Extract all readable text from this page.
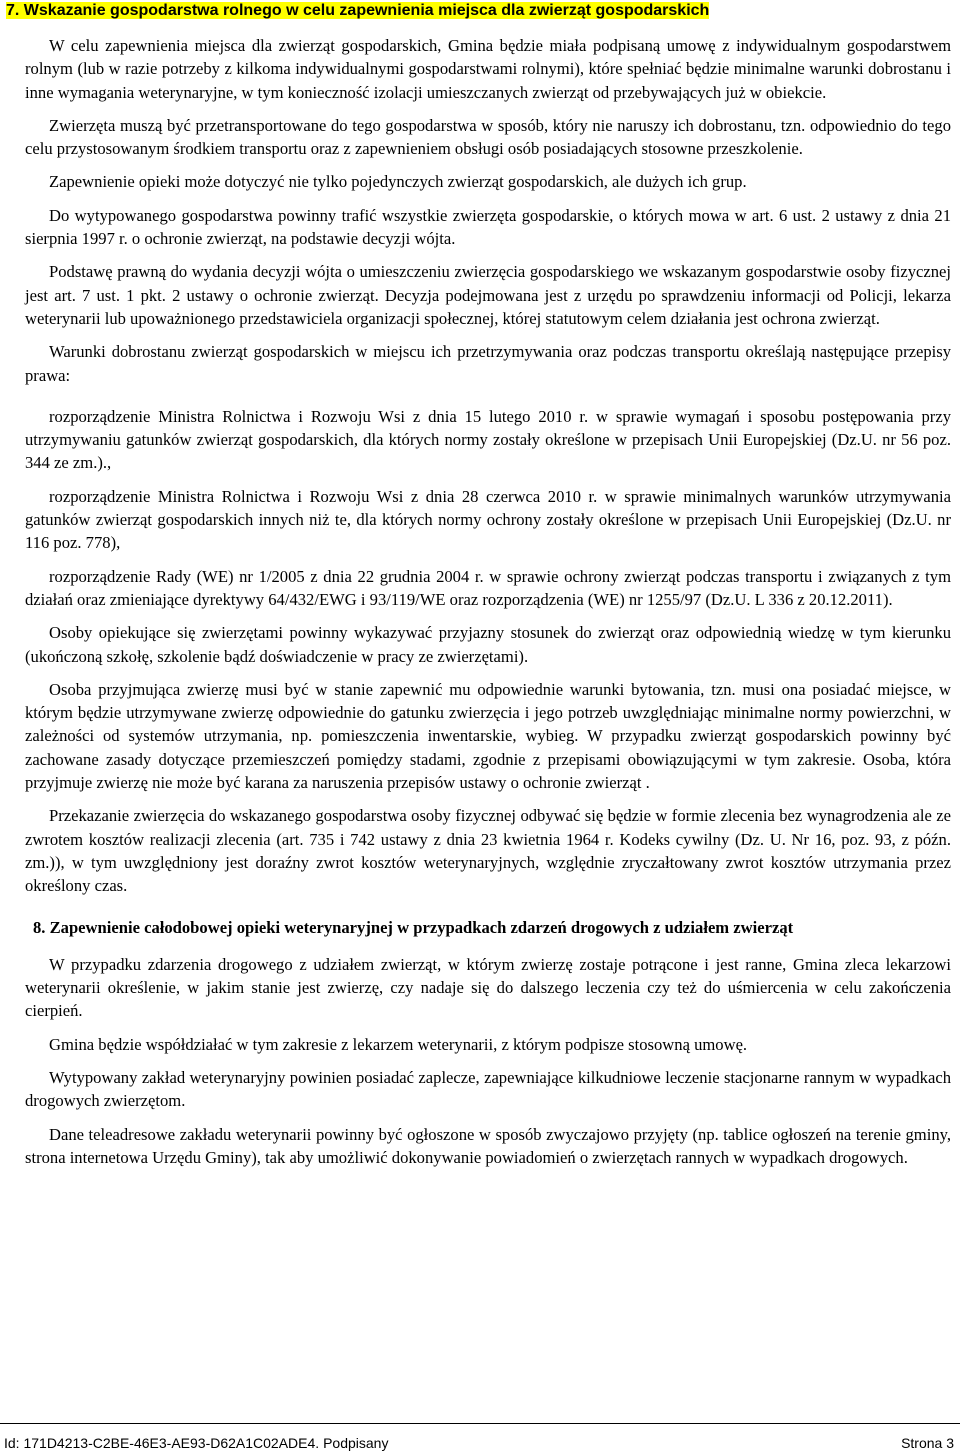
7. Wskazanie gospodarstwa rolnego w celu zapewnienia miejsca dla zwierząt gospodarskich

W celu zapewnienia miejsca dla zwierząt gospodarskich, Gmina będzie miała podpisaną umowę z indywidualnym gospodarstwem rolnym (lub w razie potrzeby z kilkoma indywidualnymi gospodarstwami rolnymi), które spełniać będzie minimalne warunki dobrostanu i inne wymagania weterynaryjne, w tym konieczność izolacji umieszczanych zwierząt od przebywających już w obiekcie.

Zwierzęta muszą być przetransportowane do tego gospodarstwa w sposób, który nie naruszy ich dobrostanu, tzn. odpowiednio do tego celu przystosowanym środkiem transportu oraz z zapewnieniem obsługi osób posiadających stosowne przeszkolenie.

Zapewnienie opieki może dotyczyć nie tylko pojedynczych zwierząt gospodarskich, ale dużych ich grup.

Do wytypowanego gospodarstwa powinny trafić wszystkie zwierzęta gospodarskie, o których mowa w art. 6 ust. 2 ustawy z dnia 21 sierpnia 1997 r. o ochronie zwierząt, na podstawie decyzji wójta.

Podstawę prawną do wydania decyzji wójta o umieszczeniu zwierzęcia gospodarskiego we wskazanym gospodarstwie osoby fizycznej jest art. 7 ust. 1 pkt. 2 ustawy o ochronie zwierząt. Decyzja podejmowana jest z urzędu po sprawdzeniu informacji od Policji, lekarza weterynarii lub upoważnionego przedstawiciela organizacji społecznej, której statutowym celem działania jest ochrona zwierząt.

Warunki dobrostanu zwierząt gospodarskich w miejscu ich przetrzymywania oraz podczas transportu określają następujące przepisy prawa:

rozporządzenie Ministra Rolnictwa i Rozwoju Wsi z dnia 15 lutego 2010 r. w sprawie wymagań i sposobu postępowania przy utrzymywaniu gatunków zwierząt gospodarskich, dla których normy zostały określone w przepisach Unii Europejskiej (Dz.U. nr 56 poz. 344 ze zm.).,

rozporządzenie Ministra Rolnictwa i Rozwoju Wsi z dnia 28 czerwca 2010 r. w sprawie minimalnych warunków utrzymywania gatunków zwierząt gospodarskich innych niż te, dla których normy ochrony zostały określone w przepisach Unii Europejskiej (Dz.U. nr 116 poz. 778),

rozporządzenie Rady (WE) nr 1/2005 z dnia 22 grudnia 2004 r. w sprawie ochrony zwierząt podczas transportu i związanych z tym działań oraz zmieniające dyrektywy 64/432/EWG i 93/119/WE oraz rozporządzenia (WE) nr 1255/97 (Dz.U. L 336 z 20.12.2011).

Osoby opiekujące się zwierzętami powinny wykazywać przyjazny stosunek do zwierząt oraz odpowiednią wiedzę w tym kierunku (ukończoną szkołę, szkolenie bądź doświadczenie w pracy ze zwierzętami).

Osoba przyjmująca zwierzę musi być w stanie zapewnić mu odpowiednie warunki bytowania, tzn. musi ona posiadać miejsce, w którym będzie utrzymywane zwierzę odpowiednie do gatunku zwierzęcia i jego potrzeb uwzględniając minimalne normy powierzchni, w zależności od systemów utrzymania, np. pomieszczenia inwentarskie, wybieg. W przypadku zwierząt gospodarskich powinny być zachowane zasady dotyczące przemieszczeń pomiędzy stadami, zgodnie z przepisami obowiązującymi w tym zakresie. Osoba, która przyjmuje zwierzę nie może być karana za naruszenia przepisów ustawy o ochronie zwierząt .

Przekazanie zwierzęcia do wskazanego gospodarstwa osoby fizycznej odbywać się będzie w formie zlecenia bez wynagrodzenia ale ze zwrotem kosztów realizacji zlecenia (art. 735 i 742 ustawy z dnia 23 kwietnia 1964 r. Kodeks cywilny (Dz. U. Nr 16, poz. 93, z późn. zm.)), w tym uwzględniony jest doraźny zwrot kosztów weterynaryjnych, względnie zryczałtowany zwrot kosztów utrzymania przez określony czas.

8. Zapewnienie całodobowej opieki weterynaryjnej w przypadkach zdarzeń drogowych z udziałem zwierząt

W przypadku zdarzenia drogowego z udziałem zwierząt, w którym zwierzę zostaje potrącone i jest ranne, Gmina zleca lekarzowi weterynarii określenie, w jakim stanie jest zwierzę, czy nadaje się do dalszego leczenia czy też do uśmiercenia w celu zakończenia cierpień.

Gmina będzie współdziałać w tym zakresie z lekarzem weterynarii, z którym podpisze stosowną umowę.

Wytypowany zakład weterynaryjny powinien posiadać zaplecze, zapewniające kilkudniowe leczenie stacjonarne rannym w wypadkach drogowych zwierzętom.

Dane teleadresowe zakładu weterynarii powinny być ogłoszone w sposób zwyczajowo przyjęty (np. tablice ogłoszeń na terenie gminy, strona internetowa Urzędu Gminy), tak aby umożliwić dokonywanie powiadomień o zwierzętach rannych w wypadkach drogowych.

Id: 171D4213-C2BE-46E3-AE93-D62A1C02ADE4. Podpisany	Strona 3
